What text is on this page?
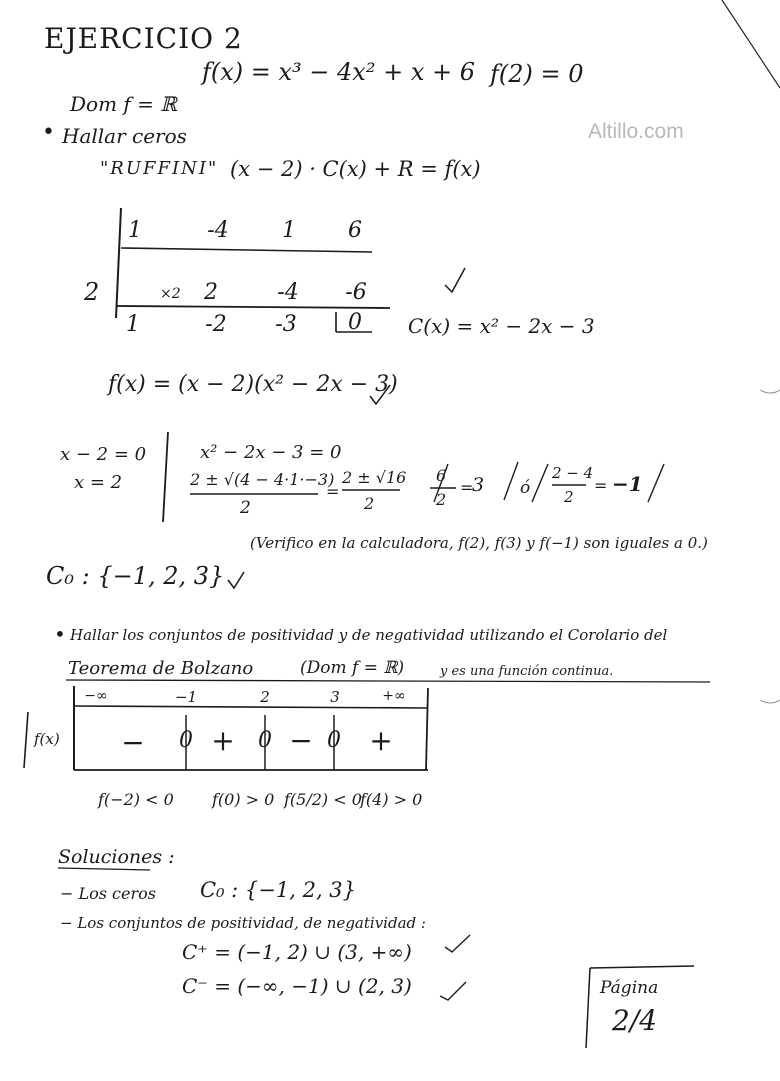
EJERCICIO 2
f(x) = x³ − 4x² + x + 6 f(2) = 0
Altillo.com
Dom f = ℝ
• Hallar ceros
"RUFFINI" (x − 2) · C(x) + R = f(x)
2
1	-4	1	6
×2	2	-4	-6
1	-2	-3	0	C(x) = x² − 2x − 3
f(x) = (x − 2)(x² − 2x − 3)
x − 2 = 0
x = 2
x² − 2x − 3 = 0
2 ± √(4 − 4·1·−3)
2
=
2 ± √16
2
6
2
=
3 ó
2 − 4
2
= −1
(Verifico en la calculadora, f(2), f(3) y f(−1) son iguales a 0.)
C₀ : {−1, 2, 3}
• Hallar los conjuntos de positividad y de negatividad utilizando el Corolario del
Teorema de Bolzano	(Dom f = ℝ)	y es una función continua.
f(x)
−∞	−1	2	3	+∞
− 0 + 0 − 0 +
f(−2) < 0 f(0) > 0 f(5/2) < 0
f(4) > 0
Soluciones :
− Los ceros C₀ : {−1, 2, 3}
− Los conjuntos de positividad, de negatividad :
C⁺ = (−1, 2) ∪ (3, +∞)
C⁻ = (−∞, −1) ∪ (2, 3)	Página
2/4
